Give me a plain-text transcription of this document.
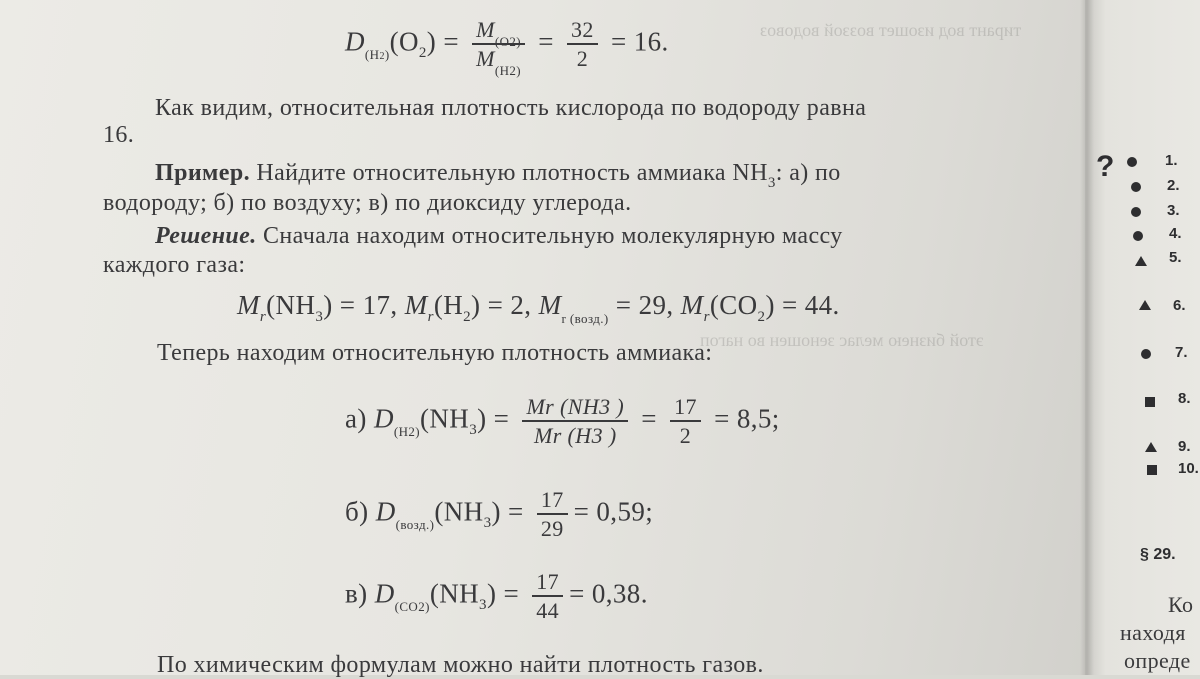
тирант вод изошет воззой водовоз
этой бизнею мелас зеношен во нагоп
$D_{(H2)}(O_2) = \frac{M_{(O2)}}{M_{(H2)}} = \frac{32}{2} = 16$.
Как видим, относительная плотность кислорода по водороду равна
16.
Пример. Найдите относительную плотность аммиака $NH_3$: а) по
водороду; б) по воздуху; в) по диоксиду углерода.
Решение. Сначала находим относительную молекулярную массу
каждого газа:
$M_r(NH_3) = 17$, $M_r(H_2) = 2$, $M_{r (возд.)} = 29$, $M_r(CO_2) = 44$.
Теперь находим относительную плотность аммиака:
а) $D_{(H2)}(NH_3) = \frac{Mr (NH3 )}{Mr (H3 )} = \frac{17}{2} = 8,5$;
б) $D_{(возд.)}(NH_3) = \frac{17}{29} = 0,59$;
в) $D_{(CO2)}(NH_3) = \frac{17}{44} = 0,38$.
По химическим формулам можно найти плотность газов.
?	1.
2.
3.
4.
5.
6.
7.
8.
9.
10.
§ 29.
Ко
находя
опреде
